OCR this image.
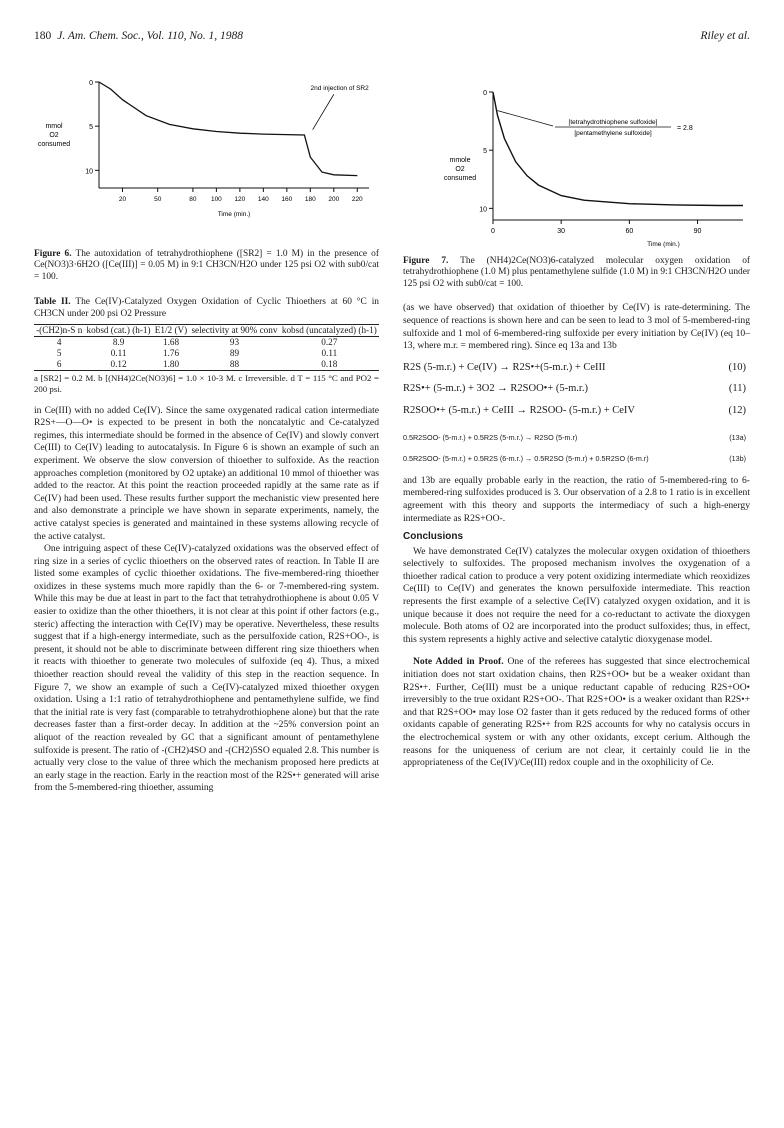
180 J. Am. Chem. Soc., Vol. 110, No. 1, 1988	Riley et al.
0
5
10
mmol
O2
consumed
20	50	80 100 120 140 160 180 200 220
Time (min.)
2nd injection of SR2
Figure 6. The autoxidation of tetrahydrothiophene ([SR2] = 1.0 M) in the presence of Ce(NO3)3·6H2O ([Ce(III)] = 0.05 M) in 9:1 CH3CN/H2O under 125 psi O2 with sub0/cat = 100.
Table II. The Ce(IV)-Catalyzed Oxygen Oxidation of Cyclic Thioethers at 60 °C in CH3CN under 200 psi O2 Pressure
-(CH2)n-S n	kobsd (cat.) (h-1)	E1/2 (V)	selectivity at 90% conv	kobsd (uncatalyzed) (h-1)
4	8.9	1.68	93	0.27
5	0.11	1.76	89	0.11
6	0.12	1.80	88	0.18
a [SR2] = 0.2 M. b [(NH4)2Ce(NO3)6] = 1.0 × 10-3 M. c Irreversible. d T = 115 °C and PO2 = 200 psi.

in Ce(III) with no added Ce(IV). Since the same oxygenated radical cation intermediate R2S+—O—O• is expected to be present in both the noncatalytic and Ce-catalyzed regimes, this intermediate should be formed in the absence of Ce(IV) and slowly convert Ce(III) to Ce(IV) leading to autocatalysis. In Figure 6 is shown an example of such an experiment. We observe the slow conversion of thioether to sulfoxide. As the reaction approaches completion (monitored by O2 uptake) an additional 10 mmol of thioether was added to the reactor. At this point the reaction proceeded rapidly at the same rate as if Ce(IV) had been used. These results further support the mechanistic view presented here and also demonstrate a principle we have shown in separate experiments, namely, the active catalyst species is generated and maintained in these systems allowing recycle of the active catalyst.

One intriguing aspect of these Ce(IV)-catalyzed oxidations was the observed effect of ring size in a series of cyclic thioethers on the observed rates of reaction. In Table II are listed some examples of cyclic thioether oxidations. The five-membered-ring thioether oxidizes in these systems much more rapidly than the 6- or 7-membered-ring system. While this may be due at least in part to the fact that tetrahydrothiophene is about 0.05 V easier to oxidize than the other thioethers, it is not clear at this point if other factors (e.g., steric) affecting the interaction with Ce(IV) may be operative. Nevertheless, these results suggest that if a high-energy intermediate, such as the persulfoxide cation, R2S+OO-, is present, it should not be able to discriminate between different ring size thioethers when it reacts with thioether to generate two molecules of sulfoxide (eq 4). Thus, a mixed thioether reaction should reveal the validity of this step in the reaction sequence. In Figure 7, we show an example of such a Ce(IV)-catalyzed mixed thioether oxygen oxidation. Using a 1:1 ratio of tetrahydrothiophene and pentamethylene sulfide, we find that the initial rate is very fast (comparable to tetrahydrothiophene alone) but that the rate decreases faster than a first-order decay. In addition at the ~25% conversion point an aliquot of the reaction revealed by GC that a significant amount of pentamethylene sulfoxide is present. The ratio of -(CH2)4SO and -(CH2)5SO equaled 2.8. This number is actually very close to the value of three which the mechanism proposed here predicts at an early stage in the reaction. Early in the reaction most of the R2S•+ generated will arise from the 5-membered-ring thioether, assuming

0
5
10
mmole
O2
consumed
0	30	60	90
Time (min.)
[tetrahydrothiophene sulfoxide]
[pentamethylene sulfoxide]
= 2.8
Figure 7. The (NH4)2Ce(NO3)6-catalyzed molecular oxygen oxidation of tetrahydrothiophene (1.0 M) plus pentamethylene sulfide (1.0 M) in 9:1 CH3CN/H2O under 125 psi O2 with sub0/cat = 100.

(as we have observed) that oxidation of thioether by Ce(IV) is rate-determining. The sequence of reactions is shown here and can be seen to lead to 3 mol of 5-membered-ring sulfoxide and 1 mol of 6-membered-ring sulfoxide per every initiation by Ce(IV) (eq 10–13, where m.r. = membered ring). Since eq 13a and 13b

R2S (5-m.r.) + Ce(IV) → R2S•+(5-m.r.) + CeIII	(10)
R2S•+ (5-m.r.) + 3O2 → R2SOO•+ (5-m.r.)	(11)
R2SOO•+ (5-m.r.) + CeIII → R2SOO- (5-m.r.) + CeIV	(12)
0.5R2SOO- (5-m.r.) + 0.5R2S (5-m.r.) → R2SO (5-m.r)	(13a)
0.5R2SOO- (5-m.r.) + 0.5R2S (6-m.r.) → 0.5R2SO (5-m.r) + 0.5R2SO (6-m.r)	(13b)

and 13b are equally probable early in the reaction, the ratio of 5-membered-ring to 6-membered-ring sulfoxides produced is 3. Our observation of a 2.8 to 1 ratio is in excellent agreement with this theory and supports the intermediacy of such a high-energy intermediate as R2S+OO-.

Conclusions

We have demonstrated Ce(IV) catalyzes the molecular oxygen oxidation of thioethers selectively to sulfoxides. The proposed mechanism involves the oxygenation of a thioether radical cation to produce a very potent oxidizing intermediate which reoxidizes Ce(III) to Ce(IV) and generates the known persulfoxide intermediate. This reaction represents the first example of a selective Ce(IV) catalyzed oxygen oxidation, and it is unique because it does not require the need for a co-reductant to activate the dioxygen molecule. Both atoms of O2 are incorporated into the product sulfoxides; thus, in effect, this system represents a highly active and selective catalytic dioxygenase model.

Note Added in Proof. One of the referees has suggested that since electrochemical initiation does not start oxidation chains, then R2S+OO• but be a weaker oxidant than R2S•+. Further, Ce(III) must be a unique reductant capable of reducing R2S+OO• irreversibly to the true oxidant R2S+OO-. That R2S+OO• is a weaker oxidant than R2S•+ and that R2S+OO• may lose O2 faster than it gets reduced by the reduced forms of other oxidants capable of generating R2S•+ from R2S accounts for why no catalysis occurs in the electrochemical system or with any other oxidants, except cerium. Although the reasons for the uniqueness of cerium are not clear, it certainly could lie in the appropriateness of the Ce(IV)/Ce(III) redox couple and in the oxophilicity of Ce.
